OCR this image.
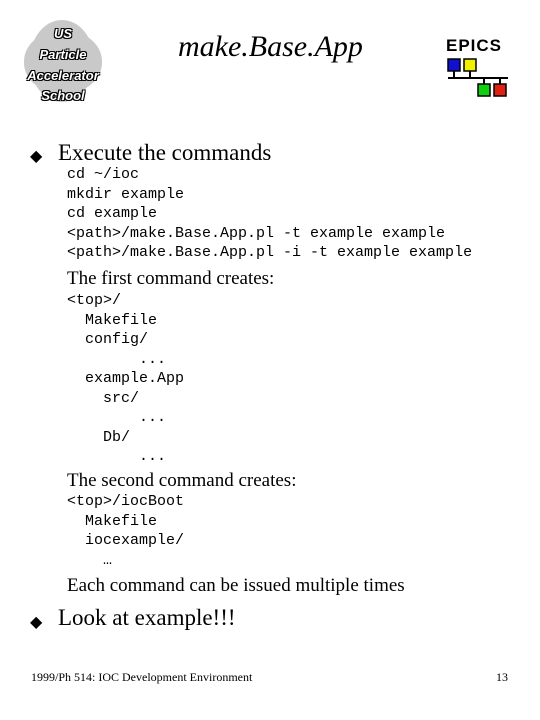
US
Particle
Accelerator
School
make.Base.App	EPICS
◆ Execute the commands
cd ~/ioc
mkdir example
cd example
<path>/make.Base.App.pl -t example example
<path>/make.Base.App.pl -i -t example example
The first command creates:
<top>/
Makefile
config/
...
example.App
src/
...
Db/
...
The second command creates:
<top>/iocBoot
Makefile
iocexample/
…
Each command can be issued multiple times
◆ Look at example!!!
1999/Ph 514: IOC Development Environment	13
